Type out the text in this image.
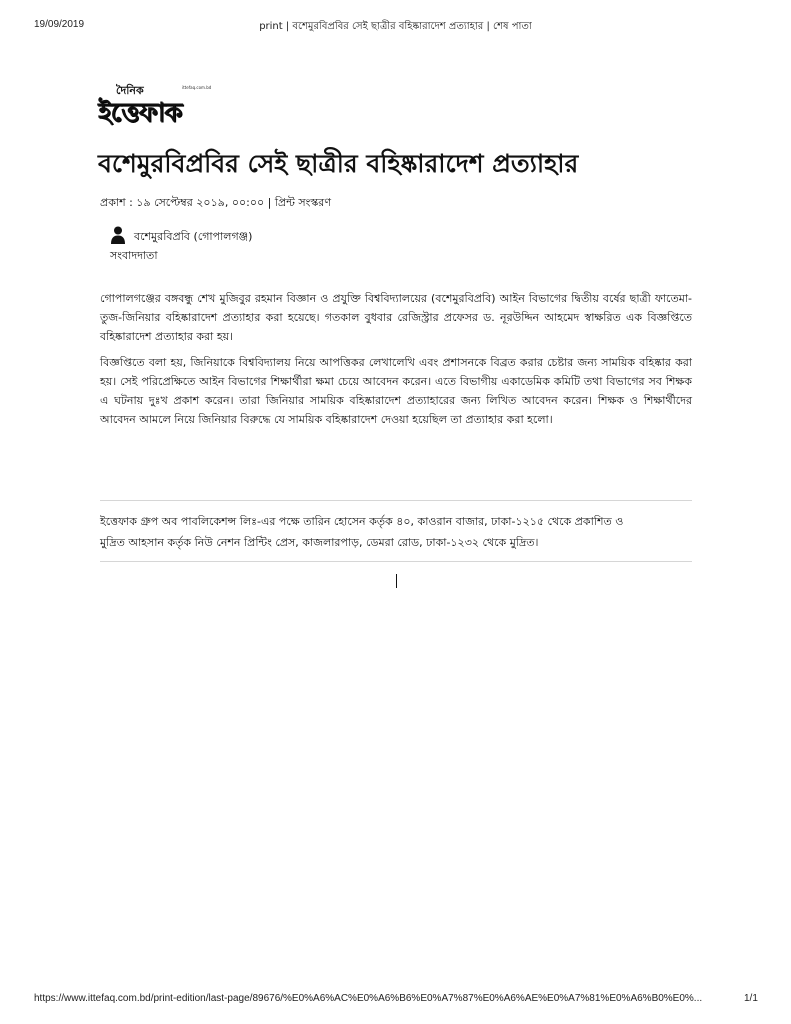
19/09/2019	print | বশেমুরবিপ্রবির সেই ছাত্রীর বহিষ্কারাদেশ প্রত্যাহার | শেষ পাতা
দৈনিক	ittefaq.com.bd
ইত্তেফাক
বশেমুরবিপ্রবির সেই ছাত্রীর বহিষ্কারাদেশ প্রত্যাহার
প্রকাশ : ১৯ সেপ্টেম্বর ২০১৯, ০০:০০ | প্রিন্ট সংস্করণ
বশেমুরবিপ্রবি (গোপালগঞ্জ)
সংবাদদাতা

গোপালগঞ্জের বঙ্গবন্ধু শেখ মুজিবুর রহমান বিজ্ঞান ও প্রযুক্তি বিশ্ববিদ্যালয়ের (বশেমুরবিপ্রবি) আইন বিভাগের দ্বিতীয় বর্ষের ছাত্রী ফাতেমা-তুজ-জিনিয়ার বহিষ্কারাদেশ প্রত্যাহার করা হয়েছে। গতকাল বুধবার রেজিস্ট্রার প্রফেসর ড. নূরউদ্দিন আহমেদ স্বাক্ষরিত এক বিজ্ঞপ্তিতে বহিষ্কারাদেশ প্রত্যাহার করা হয়।

বিজ্ঞপ্তিতে বলা হয়, জিনিয়াকে বিশ্ববিদ্যালয় নিয়ে আপত্তিকর লেখালেখি এবং প্রশাসনকে বিব্রত করার চেষ্টার জন্য সাময়িক বহিষ্কার করা হয়। সেই পরিপ্রেক্ষিতে আইন বিভাগের শিক্ষার্থীরা ক্ষমা চেয়ে আবেদন করেন। এতে বিভাগীয় একাডেমিক কমিটি তথা বিভাগের সব শিক্ষক এ ঘটনায় দুঃখ প্রকাশ করেন। তারা জিনিয়ার সাময়িক বহিষ্কারাদেশ প্রত্যাহারের জন্য লিখিত আবেদন করেন। শিক্ষক ও শিক্ষার্থীদের আবেদন আমলে নিয়ে জিনিয়ার বিরুদ্ধে যে সাময়িক বহিষ্কারাদেশ দেওয়া হয়েছিল তা প্রত্যাহার করা হলো।

ইত্তেফাক গ্রুপ অব পাবলিকেশন্স লিঃ-এর পক্ষে তারিন হোসেন কর্তৃক ৪০, কাওরান বাজার, ঢাকা-১২১৫ থেকে প্রকাশিত ও
মুদ্রিত আহসান কর্তৃক নিউ নেশন প্রিন্টিং প্রেস, কাজলারপাড়, ডেমরা রোড, ঢাকা-১২৩২ থেকে মুদ্রিত।
https://www.ittefaq.com.bd/print-edition/last-page/89676/%E0%A6%AC%E0%A6%B6%E0%A7%87%E0%A6%AE%E0%A7%81%E0%A6%B0%E0%...	1/1
